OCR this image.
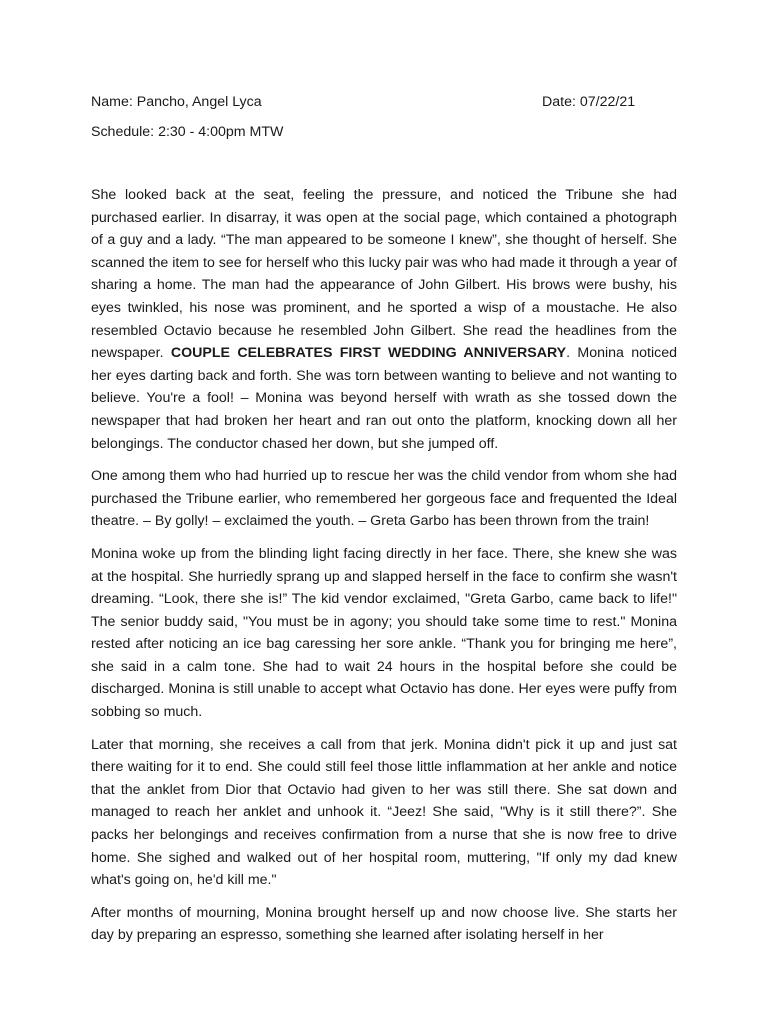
Name: Pancho, Angel Lyca	Date: 07/22/21
Schedule: 2:30 - 4:00pm MTW

She looked back at the seat, feeling the pressure, and noticed the Tribune she had purchased earlier. In disarray, it was open at the social page, which contained a photograph of a guy and a lady. “The man appeared to be someone I knew”, she thought of herself. She scanned the item to see for herself who this lucky pair was who had made it through a year of sharing a home. The man had the appearance of John Gilbert. His brows were bushy, his eyes twinkled, his nose was prominent, and he sported a wisp of a moustache. He also resembled Octavio because he resembled John Gilbert. She read the headlines from the newspaper. COUPLE CELEBRATES FIRST WEDDING ANNIVERSARY. Monina noticed her eyes darting back and forth. She was torn between wanting to believe and not wanting to believe. You're a fool! – Monina was beyond herself with wrath as she tossed down the newspaper that had broken her heart and ran out onto the platform, knocking down all her belongings. The conductor chased her down, but she jumped off.

One among them who had hurried up to rescue her was the child vendor from whom she had purchased the Tribune earlier, who remembered her gorgeous face and frequented the Ideal theatre. – By golly! – exclaimed the youth. – Greta Garbo has been thrown from the train!

Monina woke up from the blinding light facing directly in her face. There, she knew she was at the hospital. She hurriedly sprang up and slapped herself in the face to confirm she wasn't dreaming. “Look, there she is!” The kid vendor exclaimed, "Greta Garbo, came back to life!" The senior buddy said, "You must be in agony; you should take some time to rest." Monina rested after noticing an ice bag caressing her sore ankle. “Thank you for bringing me here”, she said in a calm tone. She had to wait 24 hours in the hospital before she could be discharged. Monina is still unable to accept what Octavio has done. Her eyes were puffy from sobbing so much.

Later that morning, she receives a call from that jerk. Monina didn't pick it up and just sat there waiting for it to end. She could still feel those little inflammation at her ankle and notice that the anklet from Dior that Octavio had given to her was still there. She sat down and managed to reach her anklet and unhook it. “Jeez! She said, "Why is it still there?”. She packs her belongings and receives confirmation from a nurse that she is now free to drive home. She sighed and walked out of her hospital room, muttering, "If only my dad knew what's going on, he'd kill me."

After months of mourning, Monina brought herself up and now choose live. She starts her day by preparing an espresso, something she learned after isolating herself in her
